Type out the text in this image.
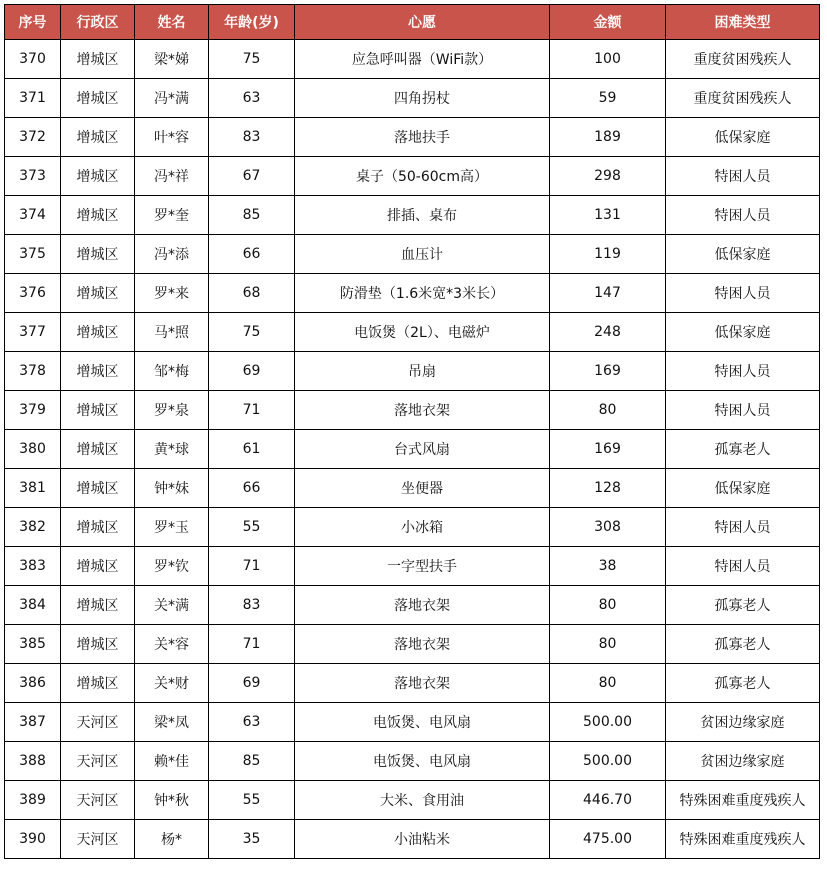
序号	行政区	姓名	年龄(岁)	心愿	金额	困难类型
370	增城区	梁*娣	75	应急呼叫器（WiFi款）	100	重度贫困残疾人
371	增城区	冯*满	63	四角拐杖	59	重度贫困残疾人
372	增城区	叶*容	83	落地扶手	189	低保家庭
373	增城区	冯*祥	67	桌子（50-60cm高）	298	特困人员
374	增城区	罗*奎	85	排插、桌布	131	特困人员
375	增城区	冯*添	66	血压计	119	低保家庭
376	增城区	罗*来	68	防滑垫（1.6米宽*3米长）	147	特困人员
377	增城区	马*照	75	电饭煲（2L）、电磁炉	248	低保家庭
378	增城区	邹*梅	69	吊扇	169	特困人员
379	增城区	罗*泉	71	落地衣架	80	特困人员
380	增城区	黄*球	61	台式风扇	169	孤寡老人
381	增城区	钟*妹	66	坐便器	128	低保家庭
382	增城区	罗*玉	55	小冰箱	308	特困人员
383	增城区	罗*钦	71	一字型扶手	38	特困人员
384	增城区	关*满	83	落地衣架	80	孤寡老人
385	增城区	关*容	71	落地衣架	80	孤寡老人
386	增城区	关*财	69	落地衣架	80	孤寡老人
387	天河区	梁*凤	63	电饭煲、电风扇	500.00	贫困边缘家庭
388	天河区	赖*佳	85	电饭煲、电风扇	500.00	贫困边缘家庭
389	天河区	钟*秋	55	大米、食用油	446.70	特殊困难重度残疾人
390	天河区	杨*	35	小油粘米	475.00	特殊困难重度残疾人
